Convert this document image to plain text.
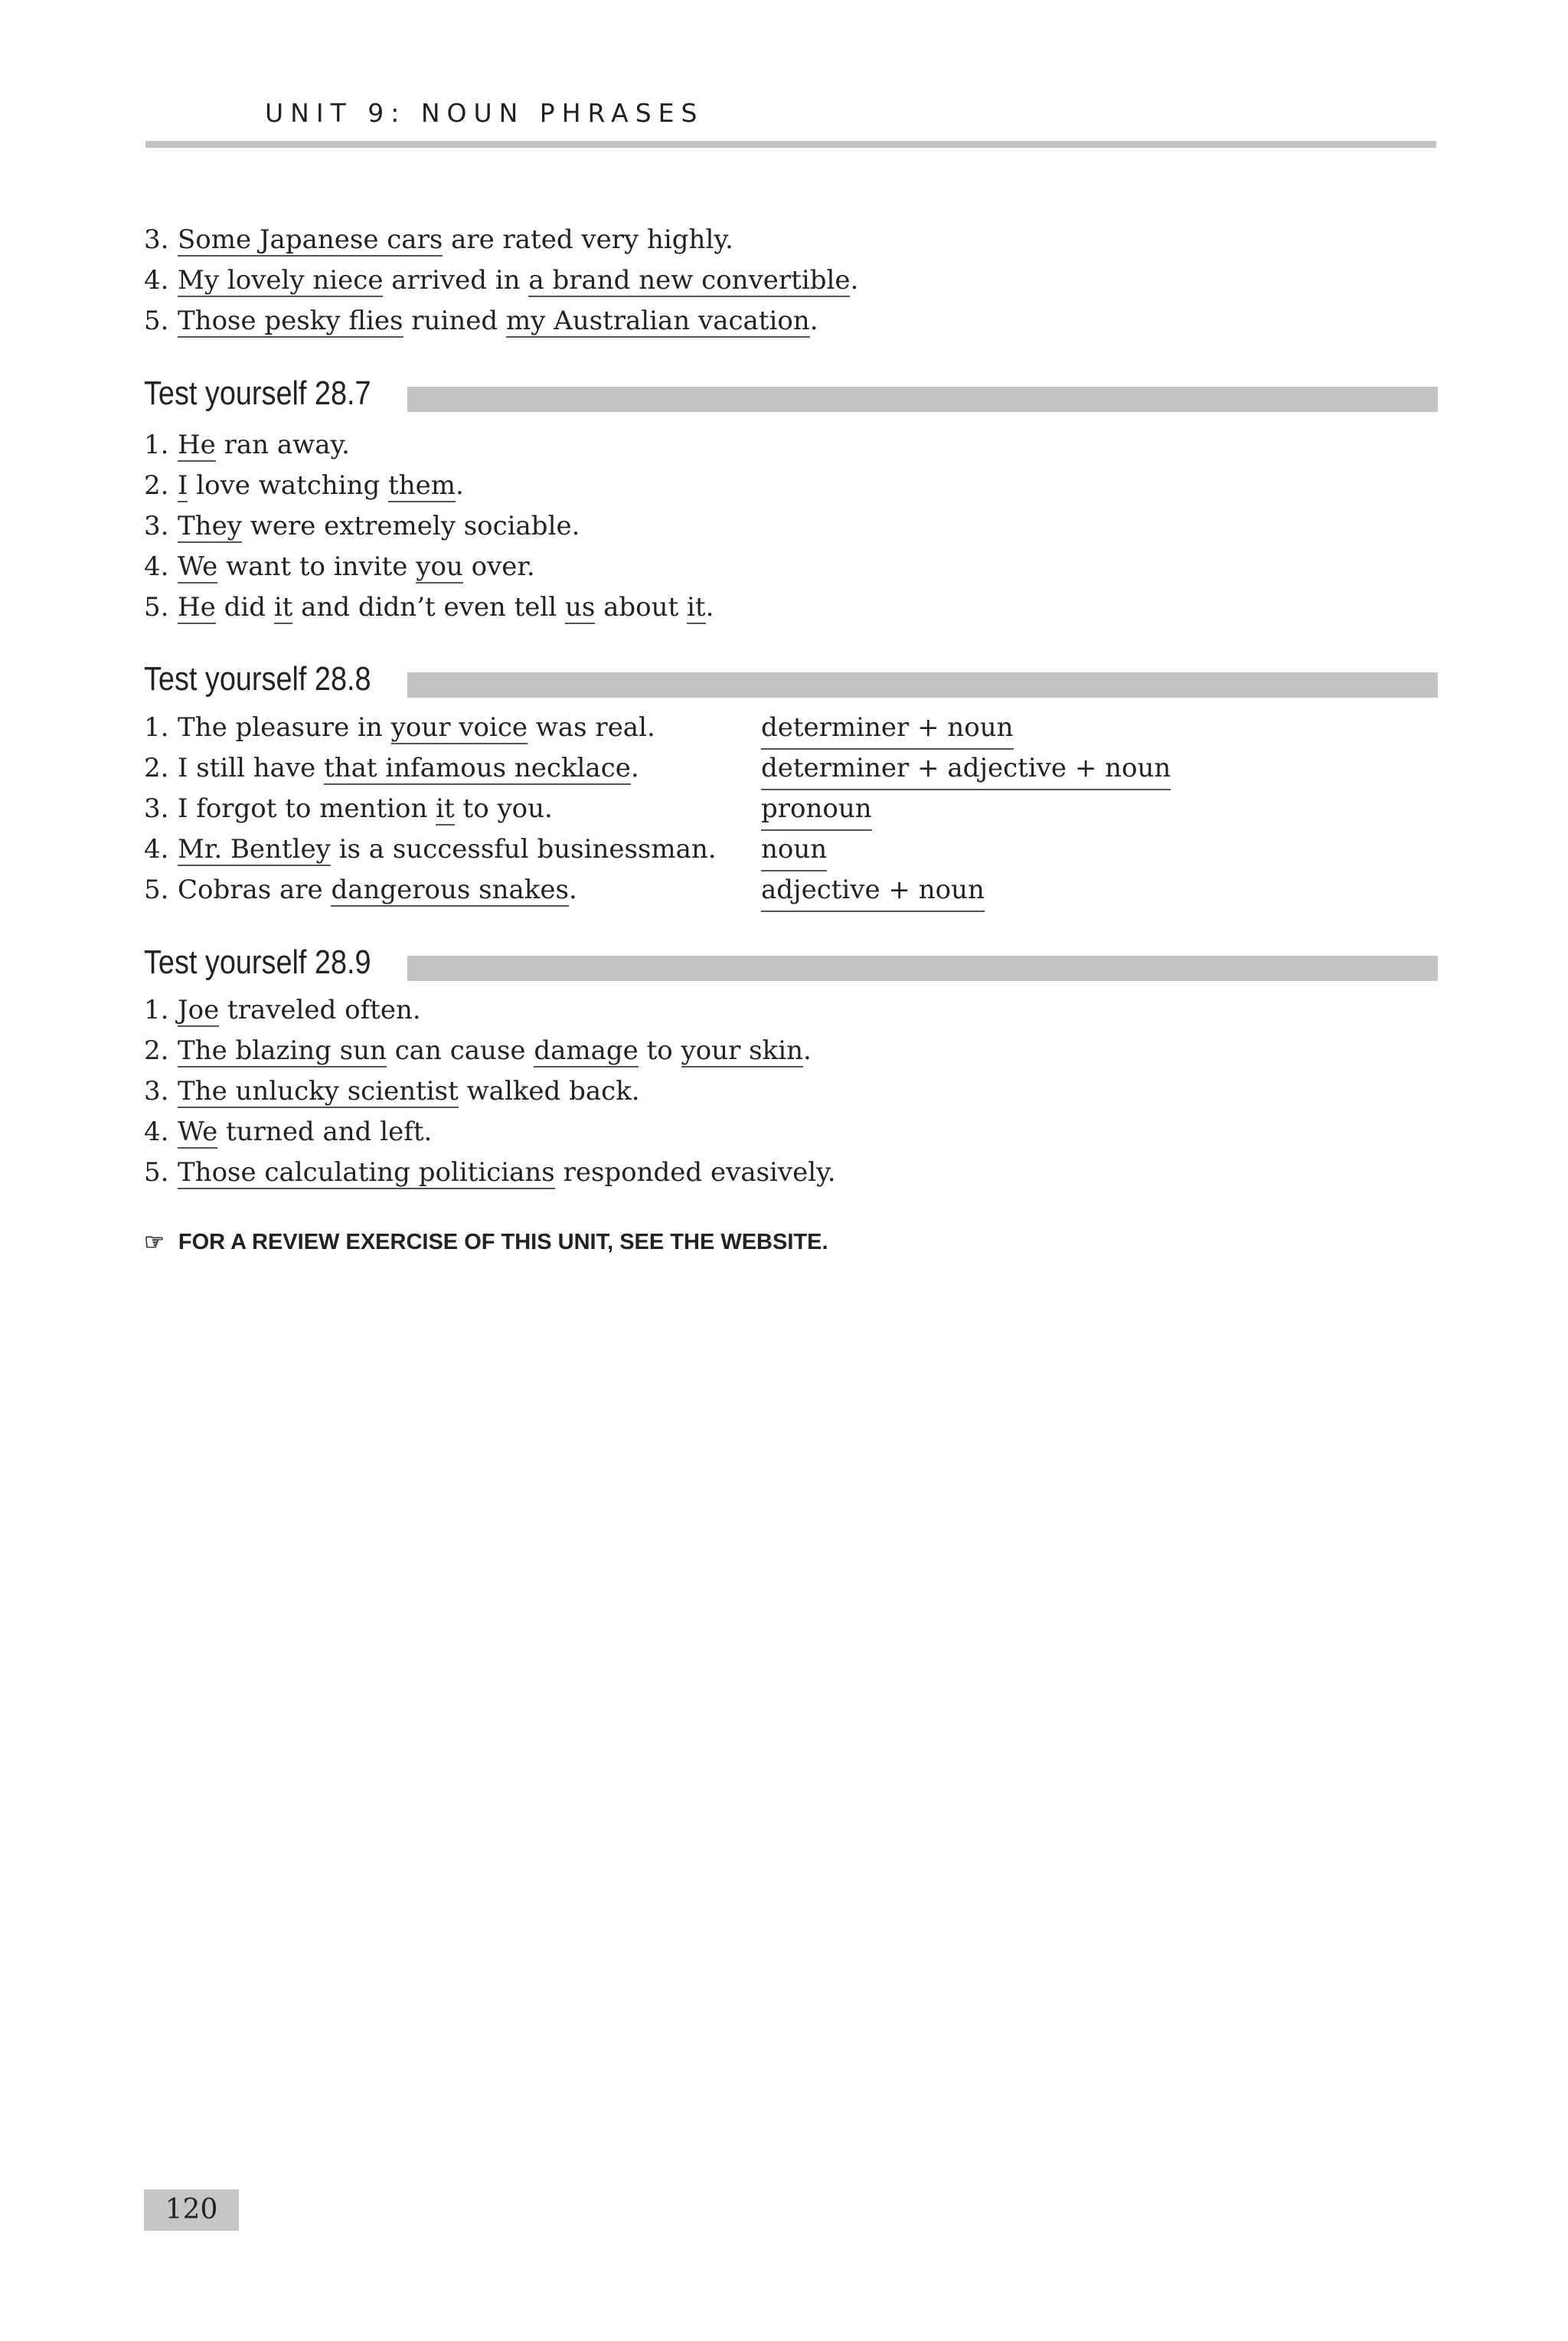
UNIT 9: NOUN PHRASES
3. Some Japanese cars are rated very highly.
4. My lovely niece arrived in a brand new convertible.
5. Those pesky flies ruined my Australian vacation.
Test yourself 28.7
1. He ran away.
2. I love watching them.
3. They were extremely sociable.
4. We want to invite you over.
5. He did it and didn’t even tell us about it.
Test yourself 28.8
1. The pleasure in your voice was real.	determiner + noun
2. I still have that infamous necklace.	determiner + adjective + noun
3. I forgot to mention it to you.	pronoun
4. Mr. Bentley is a successful businessman. noun
5. Cobras are dangerous snakes.	adjective + noun
Test yourself 28.9
1. Joe traveled often.
2. The blazing sun can cause damage to your skin.
3. The unlucky scientist walked back.
4. We turned and left.
5. Those calculating politicians responded evasively.
☞ FOR A REVIEW EXERCISE OF THIS UNIT, SEE THE WEBSITE.
120
